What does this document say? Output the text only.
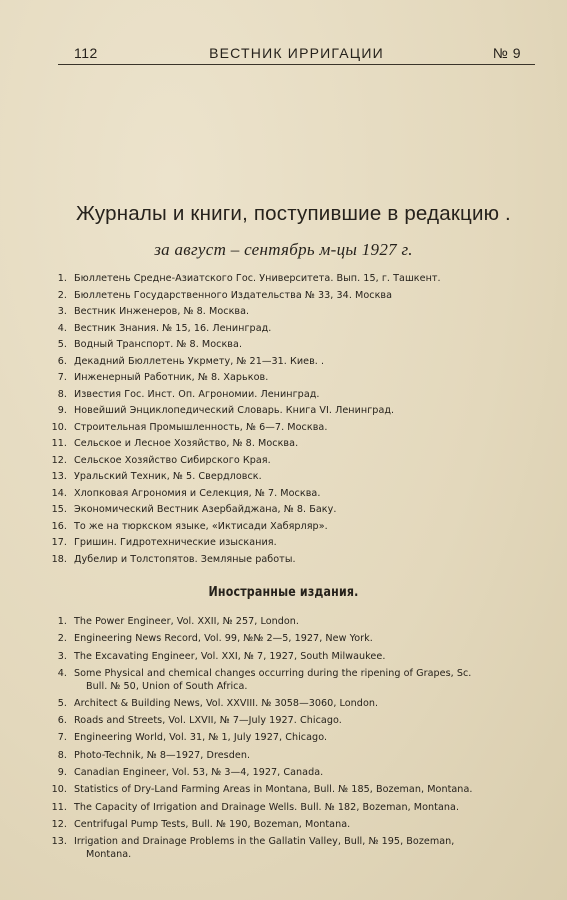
112	ВЕСТНИК ИРРИГАЦИИ	№ 9
Журналы и книги, поступившие в редакцию .
за август – сентябрь м-цы 1927 г.
1. Бюллетень Средне-Азиатского Гос. Университета. Вып. 15, г. Ташкент.
2. Бюллетень Государственного Издательства № 33, 34. Москва
3. Вестник Инженеров, № 8. Москва.
4. Вестник Знания. № 15, 16. Ленинград.
5. Водный Транспорт. № 8. Москва.
6. Декадний Бюллетень Укрмету, № 21—31. Киев. .
7. Инженерный Работник, № 8. Харьков.
8. Известия Гос. Инст. Оп. Агрономии. Ленинград.
9. Новейший Энциклопедический Словарь. Книга VI. Ленинград.
10. Строительная Промышленность, № 6—7. Москва.
11. Сельское и Лесное Хозяйство, № 8. Москва.
12. Сельское Хозяйство Сибирского Края.
13. Уральский Техник, № 5. Свердловск.
14. Хлопковая Агрономия и Селекция, № 7. Москва.
15. Экономический Вестник Азербайджана, № 8. Баку.
16. То же на тюркском языке, «Иктисади Хабярляр».
17. Гришин. Гидротехнические изыскания.
18. Дубелир и Толстопятов. Земляные работы.
Иностранные издания.
1. The Power Engineer, Vol. XXII, № 257, London.
2. Engineering News Record, Vol. 99, №№ 2—5, 1927, New York.
3. The Excavating Engineer, Vol. XXI, № 7, 1927, South Milwaukee.
4. Some Physical and chemical changes occurring during the ripening of Grapes, Sc.
Bull. № 50, Union of South Africa.
5. Architect & Building News, Vol. XXVIII. № 3058—3060, London.
6. Roads and Streets, Vol. LXVII, № 7—July 1927. Chicago.
7. Engineering World, Vol. 31, № 1, July 1927, Chicago.
8. Photo-Technik, № 8—1927, Dresden.
9. Canadian Engineer, Vol. 53, № 3—4, 1927, Canada.
10. Statistics of Dry-Land Farming Areas in Montana, Bull. № 185, Bozeman, Montana.
11. The Capacity of Irrigation and Drainage Wells. Bull. № 182, Bozeman, Montana.
12. Centrifugal Pump Tests, Bull. № 190, Bozeman, Montana.
13. Irrigation and Drainage Problems in the Gallatin Valley, Bull, № 195, Bozeman,
Montana.
